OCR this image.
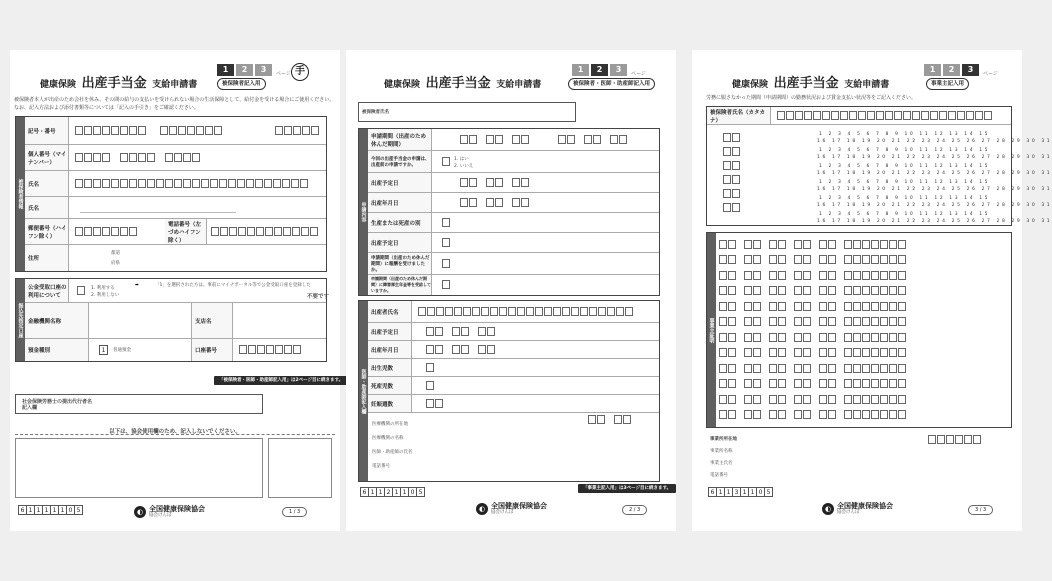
健康保険 出産手当金 支給申請書
1	2	3	ページ 手
被保険者記入用
被保険者本人が出産のため会社を休み、その間の給与の支払いを受けられない場合の生活保障として、給付金を受ける場合にご使用ください。なお、記入方法および添付書類等については「記入の手引き」をご確認ください。
被保険者情報
記号・番号
個人番号（マイナンバー）
氏名
氏名
郵便番号（ハイフン除く）
電話番号（左づめハイフン除く）
住所
都道
府県
振込先指定口座
公金受取口座の利用について
1. 利用する
2. 利用しない
➡	「1」を選択された方は、事前にマイナポータル等で公金受取口座を登録した
不要です
金融機関名称	支店名
預金種別	1	普通預金	口座番号
「被保険者・医師・助産師記入用」は2ページ目に続きます。
社会保険労務士の提出代行者名記入欄
以下は、協会使用欄のため、記入しないでください。
6 1 1 1 1 1 0 5	◐ 全国健康保険協会
協会けんぽ
1 / 3
健康保険 出産手当金 支給申請書
1	2	3	ページ
被保険者・医師・助産師記入用
被保険者氏名
申請内容
申請期間（出産のため休んだ期間）
今回の出産手当金の申請は、出産前の申請ですか。
1. はい
2. いいえ
出産予定日
出産年月日
生産または死産の別
出産予定日
申請期間（出産のため休んだ期間）に報酬を受けましたか。
申請期間（出産のため休んだ期間）に障害厚生年金等を受給していますか。
医師・助産師記入欄
出産者氏名
出産予定日
出産年月日
出生児数
死産児数
妊娠週数
医療機関の所在地
医療機関の名称
医師・助産師の氏名
電話番号
「事業主記入用」は3ページ目に続きます。
6 1 1 2 1 1 0 5
◐ 全国健康保険協会
協会けんぽ	2 / 3
健康保険 出産手当金 支給申請書
1	2	3	ページ
事業主記入用
労務に服さなかった期間（申請期間）の勤務状況および賃金支払い状況等をご記入ください。
被保険者氏名（カタカナ）
1 2 3 4 5 6 7 8 9 10 11 12 13 14 15
16 17 18 19 20 21 22 23 24 25 26 27 28 29 30 31
1 2 3 4 5 6 7 8 9 10 11 12 13 14 15
16 17 18 19 20 21 22 23 24 25 26 27 28 29 30 31
1 2 3 4 5 6 7 8 9 10 11 12 13 14 15
16 17 18 19 20 21 22 23 24 25 26 27 28 29 30 31
1 2 3 4 5 6 7 8 9 10 11 12 13 14 15
16 17 18 19 20 21 22 23 24 25 26 27 28 29 30 31
1 2 3 4 5 6 7 8 9 10 11 12 13 14 15
16 17 18 19 20 21 22 23 24 25 26 27 28 29 30 31
1 2 3 4 5 6 7 8 9 10 11 12 13 14 15
16 17 18 19 20 21 22 23 24 25 26 27 28 29 30 31
事業主証明
事業所所在地
事業所名称
事業主氏名
電話番号
6 1 1 3 1 1 0 5
◐ 全国健康保険協会
協会けんぽ	3 / 3
